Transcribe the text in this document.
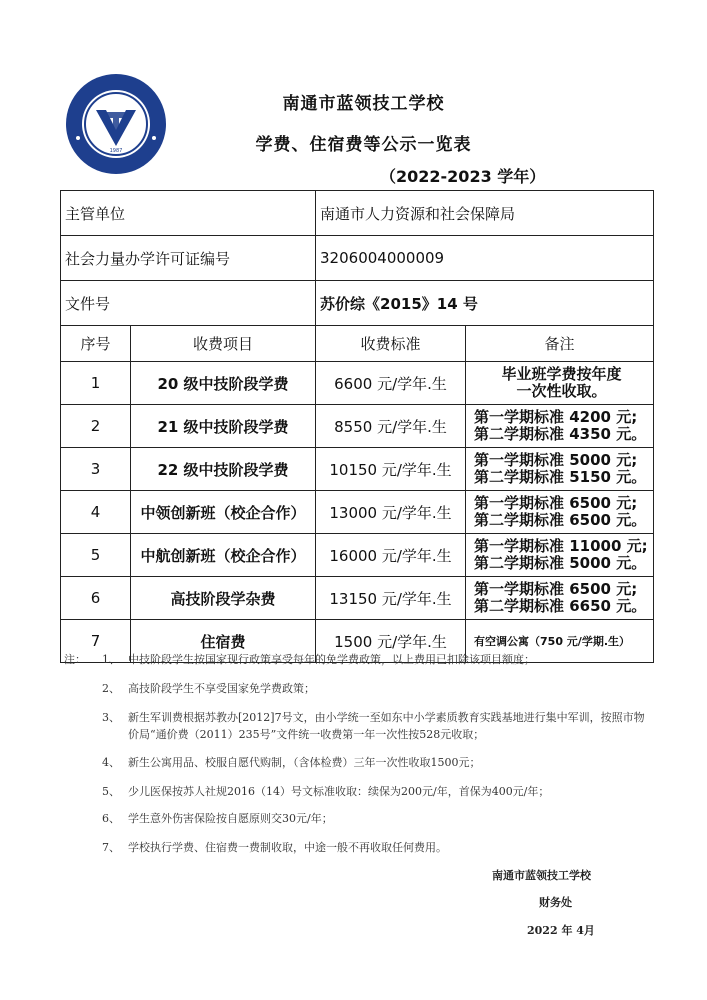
1987
南通市蓝领技工学校
学费、住宿费等公示一览表
（2022-2023 学年）
主管单位		南通市人力资源和社会保障局	
社会力量办学许可证编号		3206004000009	
文件号		苏价综《2015》14 号	
序号	收费项目	收费标准	备注
1	20 级中技阶段学费	6600 元/学年.生	毕业班学费按年度
一次性收取。

2	21 级中技阶段学费	8550 元/学年.生	第一学期标准 4200 元;
第二学期标准 4350 元。

3	22 级中技阶段学费	10150 元/学年.生	第一学期标准 5000 元;
第二学期标准 5150 元。

4	中领创新班（校企合作）	13000 元/学年.生	第一学期标准 6500 元;
第二学期标准 6500 元。

5	中航创新班（校企合作）	16000 元/学年.生	第一学期标准 11000 元;
第二学期标准 5000 元。

6	高技阶段学杂费	13150 元/学年.生	第一学期标准 6500 元;
第二学期标准 6650 元。

7	住宿费	1500 元/学年.生	有空调公寓（750 元/学期.生）
注： 1、 中技阶段学生按国家现行政策享受每年的免学费政策，以上费用已扣除该项目额度；
2、 高技阶段学生不享受国家免学费政策；
3、 新生军训费根据苏教办[2012]7号文，由小学统一至如东中小学素质教育实践基地进行集中军训，按照市物价局“通价费（2011）235号”文件统一收费第一年一次性按528元收取；
4、 新生公寓用品、校服自愿代购制，（含体检费）三年一次性收取1500元；
5、 少儿医保按苏人社规2016（14）号文标准收取：续保为200元/年，首保为400元/年；
6、 学生意外伤害保险按自愿原则交30元/年；
7、 学校执行学费、住宿费一费制收取，中途一般不再收取任何费用。
南通市蓝领技工学校
财务处
2022 年 4月
